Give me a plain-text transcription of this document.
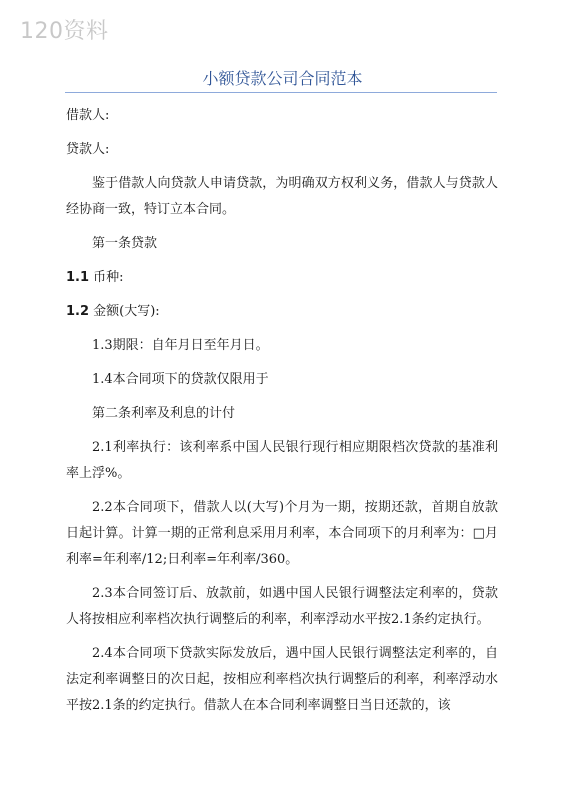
120资料
小额贷款公司合同范本

借款人:

贷款人:

鉴于借款人向贷款人申请贷款，为明确双方权利义务，借款人与贷款人经协商一致，特订立本合同。

第一条贷款

1.1 币种:

1.2 金额(大写):

1.3期限：自年月日至年月日。

1.4本合同项下的贷款仅限用于

第二条利率及利息的计付

2.1利率执行：该利率系中国人民银行现行相应期限档次贷款的基准利率上浮%。

2.2本合同项下，借款人以(大写)个月为一期，按期还款，首期自放款日起计算。计算一期的正常利息采用月利率，本合同项下的月利率为：□月利率=年利率/12;日利率=年利率/360。

2.3本合同签订后、放款前，如遇中国人民银行调整法定利率的，贷款人将按相应利率档次执行调整后的利率，利率浮动水平按2.1条约定执行。

2.4本合同项下贷款实际发放后，遇中国人民银行调整法定利率的，自法定利率调整日的次日起，按相应利率档次执行调整后的利率，利率浮动水平按2.1条的约定执行。借款人在本合同利率调整日当日还款的，该
